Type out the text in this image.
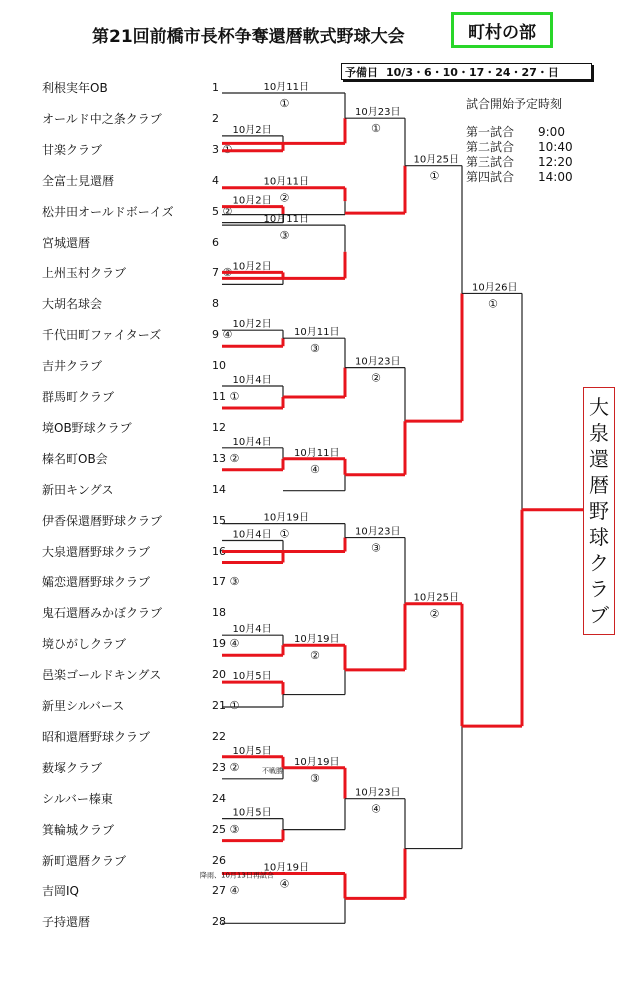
第21回前橋市長杯争奪還暦軟式野球大会	町村の部
予備日 10/3・6・10・17・24・27・日
試合開始予定時刻
第一試合	9:00
第二試合	10:40
第三試合	12:20
第四試合	14:00
利根実年OB	1
オールド中之条クラブ	2
甘楽クラブ	3 ①
全富士見還暦	4
松井田オールドボーイズ	5 ②
宮城還暦	6
上州玉村クラブ	7 ③
大胡名球会	8
千代田町ファイターズ	9 ④
吉井クラブ	10
群馬町クラブ	11 ①
境OB野球クラブ	12
榛名町OB会	13 ②
新田キングス	14
伊香保還暦野球クラブ	15
大泉還暦野球クラブ	16
孀恋還暦野球クラブ	17 ③
鬼石還暦みかぼクラブ	18
境ひがしクラブ	19 ④
邑楽ゴールドキングス	20
新里シルバース	21 ①
昭和還暦野球クラブ	22
薮塚クラブ	23 ②
シルバー榛東	24
箕輪城クラブ	25 ③
新町還暦クラブ	26
吉岡IQ	27 ④
子持還暦	28
10月2日
10月11日
①
10月2日
10月11日
②
10月2日
10月11日
③
10月23日
①
10月2日
10月4日
10月11日
③
10月4日
10月11日
④
10月23日
②
10月25日
①
10月4日
10月19日
①
10月4日
10月5日
10月19日
②
10月23日
③
10月5日
10月5日
10月19日
③
10月19日
④
10月23日
④
10月25日
②
10月26日
①
不戦勝
降雨、10月13日再試合
大
泉
還
暦
野
球
ク
ラ
ブ
